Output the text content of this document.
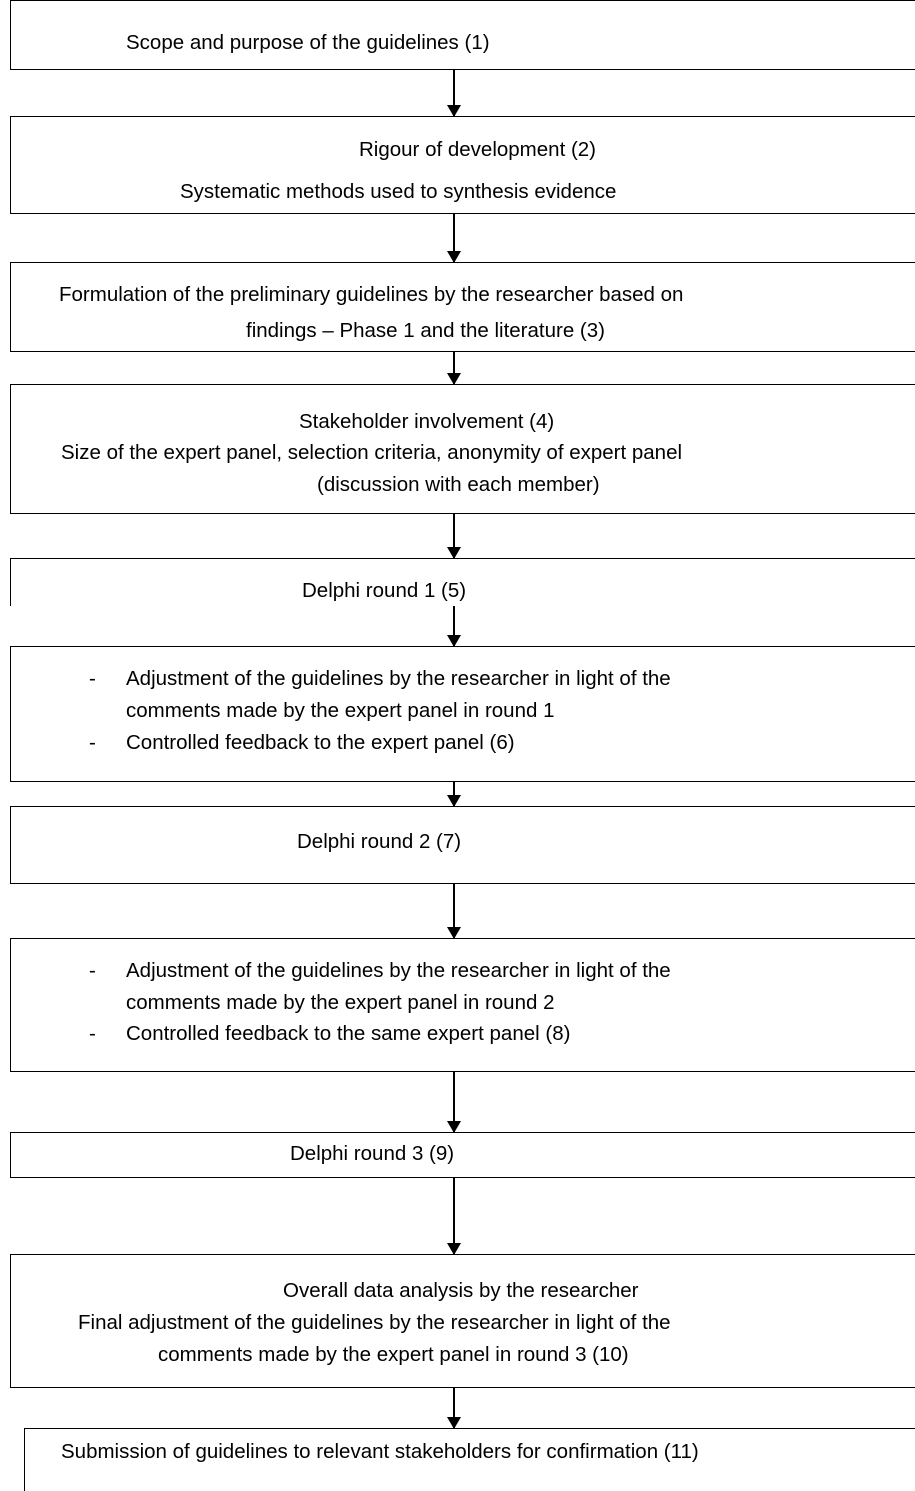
Scope and purpose of the guidelines (1)
Rigour of development (2)
Systematic methods used to synthesis evidence
Formulation of the preliminary guidelines by the researcher based on
findings – Phase 1 and the literature (3)
Stakeholder involvement (4)
Size of the expert panel, selection criteria, anonymity of expert panel
(discussion with each member)
Delphi round 1 (5)
- Adjustment of the guidelines by the researcher in light of the
comments made by the expert panel in round 1
- Controlled feedback to the expert panel (6)
Delphi round 2 (7)
- Adjustment of the guidelines by the researcher in light of the
comments made by the expert panel in round 2
- Controlled feedback to the same expert panel (8)
Delphi round 3 (9)
Overall data analysis by the researcher
Final adjustment of the guidelines by the researcher in light of the
comments made by the expert panel in round 3 (10)
Submission of guidelines to relevant stakeholders for confirmation (11)
